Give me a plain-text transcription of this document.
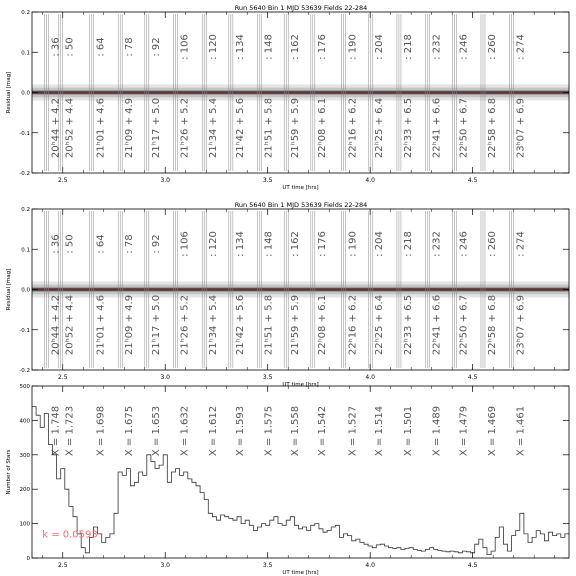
Run 5640 Bin 1 MJD 53639 Fields 22-284
: 36
20ʰ44 + 4.2
: 50
20ʰ52 + 4.4
: 64
21ʰ01 + 4.6
: 78
21ʰ09 + 4.9
: 92
21ʰ17 + 5.0
: 106
21ʰ26 + 5.2
: 120
21ʰ34 + 5.4
: 134
21ʰ42 + 5.6
: 148
21ʰ51 + 5.8
: 162
21ʰ59 + 5.9
: 176
22ʰ08 + 6.1
: 190
22ʰ16 + 6.2
: 204
22ʰ25 + 6.4
: 218
22ʰ33 + 6.5
: 232
22ʰ41 + 6.6
: 246
22ʰ50 + 6.7
: 260
22ʰ58 + 6.8
: 274
23ʰ07 + 6.9
2.5	3.0	3.5	4.0	4.5
-0.2
-0.1
0.0
0.1
0.2
UT time [hrs]
Residual [mag]
Run 5640 Bin 1 MJD 53639 Fields 22-284
: 36
20ʰ44 + 4.2
: 50
20ʰ52 + 4.4
: 64
21ʰ01 + 4.6
: 78
21ʰ09 + 4.9
: 92
21ʰ17 + 5.0
: 106
21ʰ26 + 5.2
: 120
21ʰ34 + 5.4
: 134
21ʰ42 + 5.6
: 148
21ʰ51 + 5.8
: 162
21ʰ59 + 5.9
: 176
22ʰ08 + 6.1
: 190
22ʰ16 + 6.2
: 204
22ʰ25 + 6.4
: 218
22ʰ33 + 6.5
: 232
22ʰ41 + 6.6
: 246
22ʰ50 + 6.7
: 260
22ʰ58 + 6.8
: 274
23ʰ07 + 6.9
2.5	3.0	3.5	4.0	4.5
-0.2
-0.1
0.0
0.1
0.2
UT time [hrs]
Residual [mag]
X = 1.748 X = 1.723 X = 1.698 X = 1.675 X = 1.653 X = 1.632 X = 1.612 X = 1.593 X = 1.575 X = 1.558 X = 1.542 X = 1.527 X = 1.514 X = 1.501 X = 1.489 X = 1.479 X = 1.469 X = 1.461
2.5	3.0	3.5	4.0	4.5
0
100
200
300
400
500
UT time [hrs]
Number of Stars
k = 0.0593
